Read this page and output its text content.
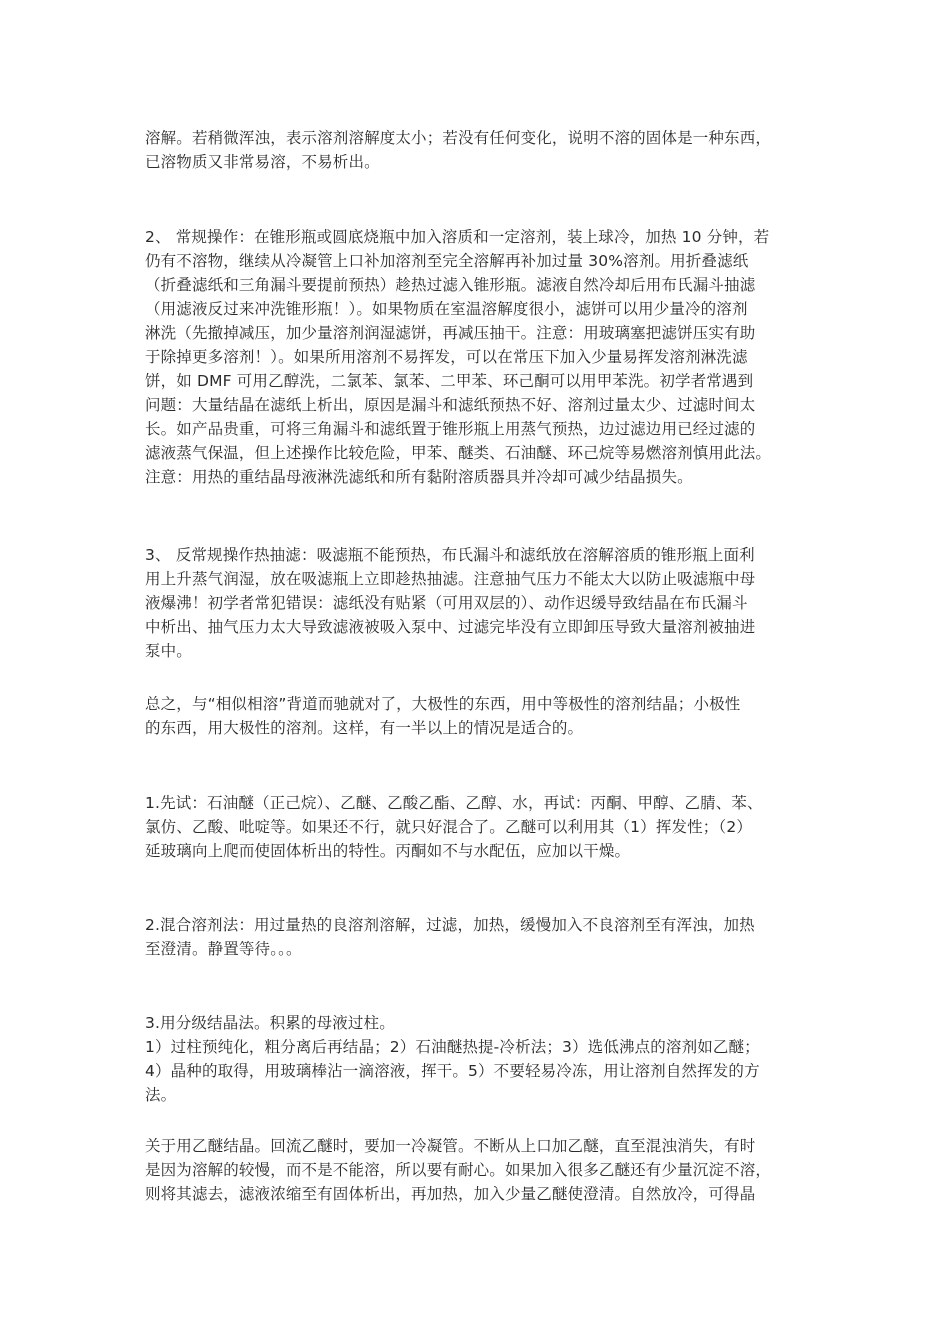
溶解。若稍微浑浊，表示溶剂溶解度太小；若没有任何变化，说明不溶的固体是一种东西，
已溶物质又非常易溶，不易析出。
2、 常规操作：在锥形瓶或圆底烧瓶中加入溶质和一定溶剂，装上球冷，加热 10 分钟，若
仍有不溶物，继续从冷凝管上口补加溶剂至完全溶解再补加过量 30%溶剂。用折叠滤纸
（折叠滤纸和三角漏斗要提前预热）趁热过滤入锥形瓶。滤液自然冷却后用布氏漏斗抽滤
（用滤液反过来冲洗锥形瓶！）。如果物质在室温溶解度很小，滤饼可以用少量冷的溶剂
淋洗（先撤掉减压，加少量溶剂润湿滤饼，再减压抽干。注意：用玻璃塞把滤饼压实有助
于除掉更多溶剂！）。如果所用溶剂不易挥发，可以在常压下加入少量易挥发溶剂淋洗滤
饼，如 DMF 可用乙醇洗，二氯苯、氯苯、二甲苯、环己酮可以用甲苯洗。初学者常遇到
问题：大量结晶在滤纸上析出，原因是漏斗和滤纸预热不好、溶剂过量太少、过滤时间太
长。如产品贵重，可将三角漏斗和滤纸置于锥形瓶上用蒸气预热，边过滤边用已经过滤的
滤液蒸气保温，但上述操作比较危险，甲苯、醚类、石油醚、环己烷等易燃溶剂慎用此法。
注意：用热的重结晶母液淋洗滤纸和所有黏附溶质器具并冷却可减少结晶损失。
3、 反常规操作热抽滤：吸滤瓶不能预热，布氏漏斗和滤纸放在溶解溶质的锥形瓶上面利
用上升蒸气润湿，放在吸滤瓶上立即趁热抽滤。注意抽气压力不能太大以防止吸滤瓶中母
液爆沸！初学者常犯错误：滤纸没有贴紧（可用双层的）、动作迟缓导致结晶在布氏漏斗
中析出、抽气压力太大导致滤液被吸入泵中、过滤完毕没有立即卸压导致大量溶剂被抽进
泵中。
总之，与“相似相溶”背道而驰就对了，大极性的东西，用中等极性的溶剂结晶；小极性
的东西，用大极性的溶剂。这样，有一半以上的情况是适合的。
1.先试：石油醚（正己烷）、乙醚、乙酸乙酯、乙醇、水，再试：丙酮、甲醇、乙腈、苯、
氯仿、乙酸、吡啶等。如果还不行，就只好混合了。乙醚可以利用其（1）挥发性；（2）
延玻璃向上爬而使固体析出的特性。丙酮如不与水配伍，应加以干燥。
2.混合溶剂法：用过量热的良溶剂溶解，过滤，加热，缓慢加入不良溶剂至有浑浊，加热
至澄清。静置等待。。。
3.用分级结晶法。积累的母液过柱。
1）过柱预纯化，粗分离后再结晶；2）石油醚热提-冷析法；3）选低沸点的溶剂如乙醚；
4）晶种的取得，用玻璃棒沾一滴溶液，挥干。5）不要轻易冷冻，用让溶剂自然挥发的方
法。
关于用乙醚结晶。回流乙醚时，要加一冷凝管。不断从上口加乙醚，直至混浊消失，有时
是因为溶解的较慢，而不是不能溶，所以要有耐心。如果加入很多乙醚还有少量沉淀不溶，
则将其滤去，滤液浓缩至有固体析出，再加热，加入少量乙醚使澄清。自然放冷，可得晶
